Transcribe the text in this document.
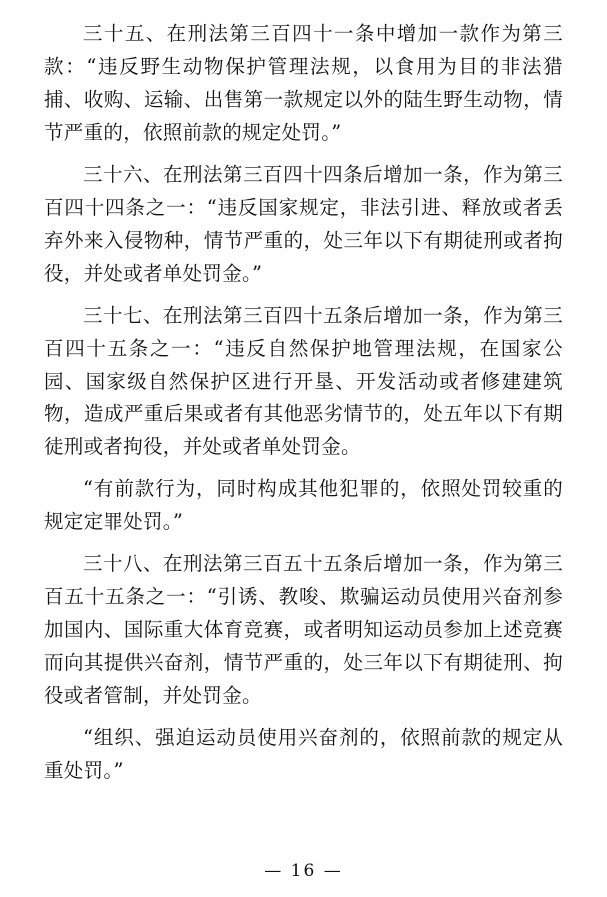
三十五、在刑法第三百四十一条中增加一款作为第三款：“违反野生动物保护管理法规，以食用为目的非法猎捕、收购、运输、出售第一款规定以外的陆生野生动物，情节严重的，依照前款的规定处罚。”

三十六、在刑法第三百四十四条后增加一条，作为第三百四十四条之一：“违反国家规定，非法引进、释放或者丢弃外来入侵物种，情节严重的，处三年以下有期徒刑或者拘役，并处或者单处罚金。”

三十七、在刑法第三百四十五条后增加一条，作为第三百四十五条之一：“违反自然保护地管理法规，在国家公园、国家级自然保护区进行开垦、开发活动或者修建建筑物，造成严重后果或者有其他恶劣情节的，处五年以下有期徒刑或者拘役，并处或者单处罚金。

“有前款行为，同时构成其他犯罪的，依照处罚较重的规定定罪处罚。”

三十八、在刑法第三百五十五条后增加一条，作为第三百五十五条之一：“引诱、教唆、欺骗运动员使用兴奋剂参加国内、国际重大体育竞赛，或者明知运动员参加上述竞赛而向其提供兴奋剂，情节严重的，处三年以下有期徒刑、拘役或者管制，并处罚金。

“组织、强迫运动员使用兴奋剂的，依照前款的规定从重处罚。”

— 16 —
